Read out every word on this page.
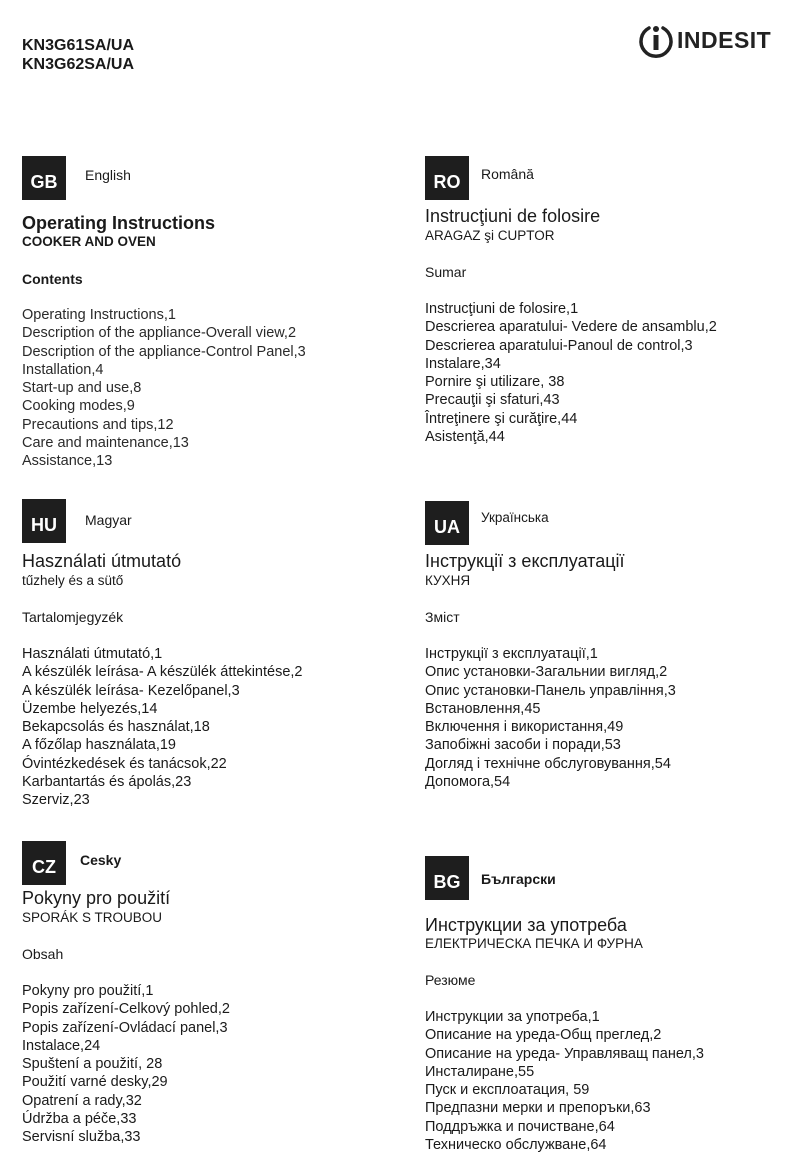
KN3G61SA/UA
KN3G62SA/UA
INDESIT
GB	English
Operating Instructions
COOKER AND OVEN
Contents
Operating Instructions,1
Description of the appliance-Overall view,2
Description of the appliance-Control Panel,3
Installation,4
Start-up and use,8
Cooking modes,9
Precautions and tips,12
Care and maintenance,13
Assistance,13
RO	Română
Instrucţiuni de folosire
ARAGAZ şi CUPTOR
Sumar
Instrucţiuni de folosire,1
Descrierea aparatului- Vedere de ansamblu,2
Descrierea aparatului-Panoul de control,3
Instalare,34
Pornire şi utilizare, 38
Precauţii şi sfaturi,43
Întreţinere şi curăţire,44
Asistenţă,44
HU	Magyar
Használati útmutató
tűzhely és a sütő
Tartalomjegyzék
Használati útmutató,1
A készülék leírása- A készülék áttekintése,2
A készülék leírása- Kezelőpanel,3
Üzembe helyezés,14
Bekapcsolás és használat,18
A főzőlap használata,19
Óvintézkedések és tanácsok,22
Karbantartás és ápolás,23
Szerviz,23
UA	Українська
Інструкції з експлуатації
КУХНЯ
Зміст
Інструкції з експлуатації,1
Опис установки-Загальнии вигляд,2
Опис установки-Панель управління,3
Встановлення,45
Включення і використання,49
Запобіжні засоби і поради,53
Догляд і технічне обслуговування,54
Допомога,54
CZ	Cesky
Pokyny pro použití
SPORÁK S TROUBOU
Obsah
Pokyny pro použití,1
Popis zařízení-Celkový pohled,2
Popis zařízení-Ovládací panel,3
Instalace,24
Spuštení a použití, 28
Použití varné desky,29
Opatrení a rady,32
Údržba a péče,33
Servisní služba,33
BG	Български
Инструкции за употреба
ЕЛЕКТРИЧЕСКА ПЕЧКА И ФУРНА
Резюме
Инструкции за употреба,1
Описание на уреда-Общ преглед,2
Описание на уреда- Управляващ панел,3
Инсталиране,55
Пуск и експлоатация, 59
Предпазни мерки и препоръки,63
Поддръжка и почистване,64
Техническо обслужване,64
